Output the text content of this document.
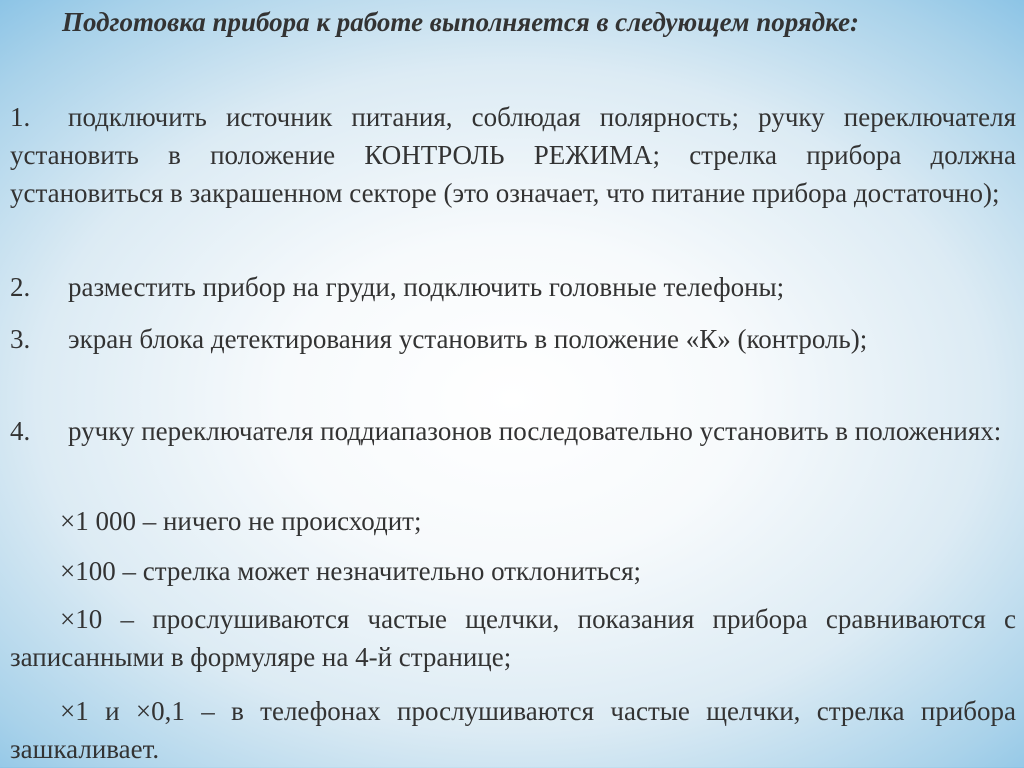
Подготовка прибора к работе выполняется в следующем порядке:

1. подключить источник питания, соблюдая полярность; ручку переключателя установить в положение КОНТРОЛЬ РЕЖИМА; стрелка прибора должна установиться в закрашенном секторе (это означает, что питание прибора достаточно);

2. разместить прибор на груди, подключить головные телефоны;

3. экран блока детектирования установить в положение «К» (контроль);

4. ручку переключателя поддиапазонов последовательно установить в положениях:

×1 000 – ничего не происходит;

×100 – стрелка может незначительно отклониться;

×10 – прослушиваются частые щелчки, показания прибора сравниваются с записанными в формуляре на 4-й странице;

×1 и ×0,1 – в телефонах прослушиваются частые щелчки, стрелка прибора зашкаливает.
